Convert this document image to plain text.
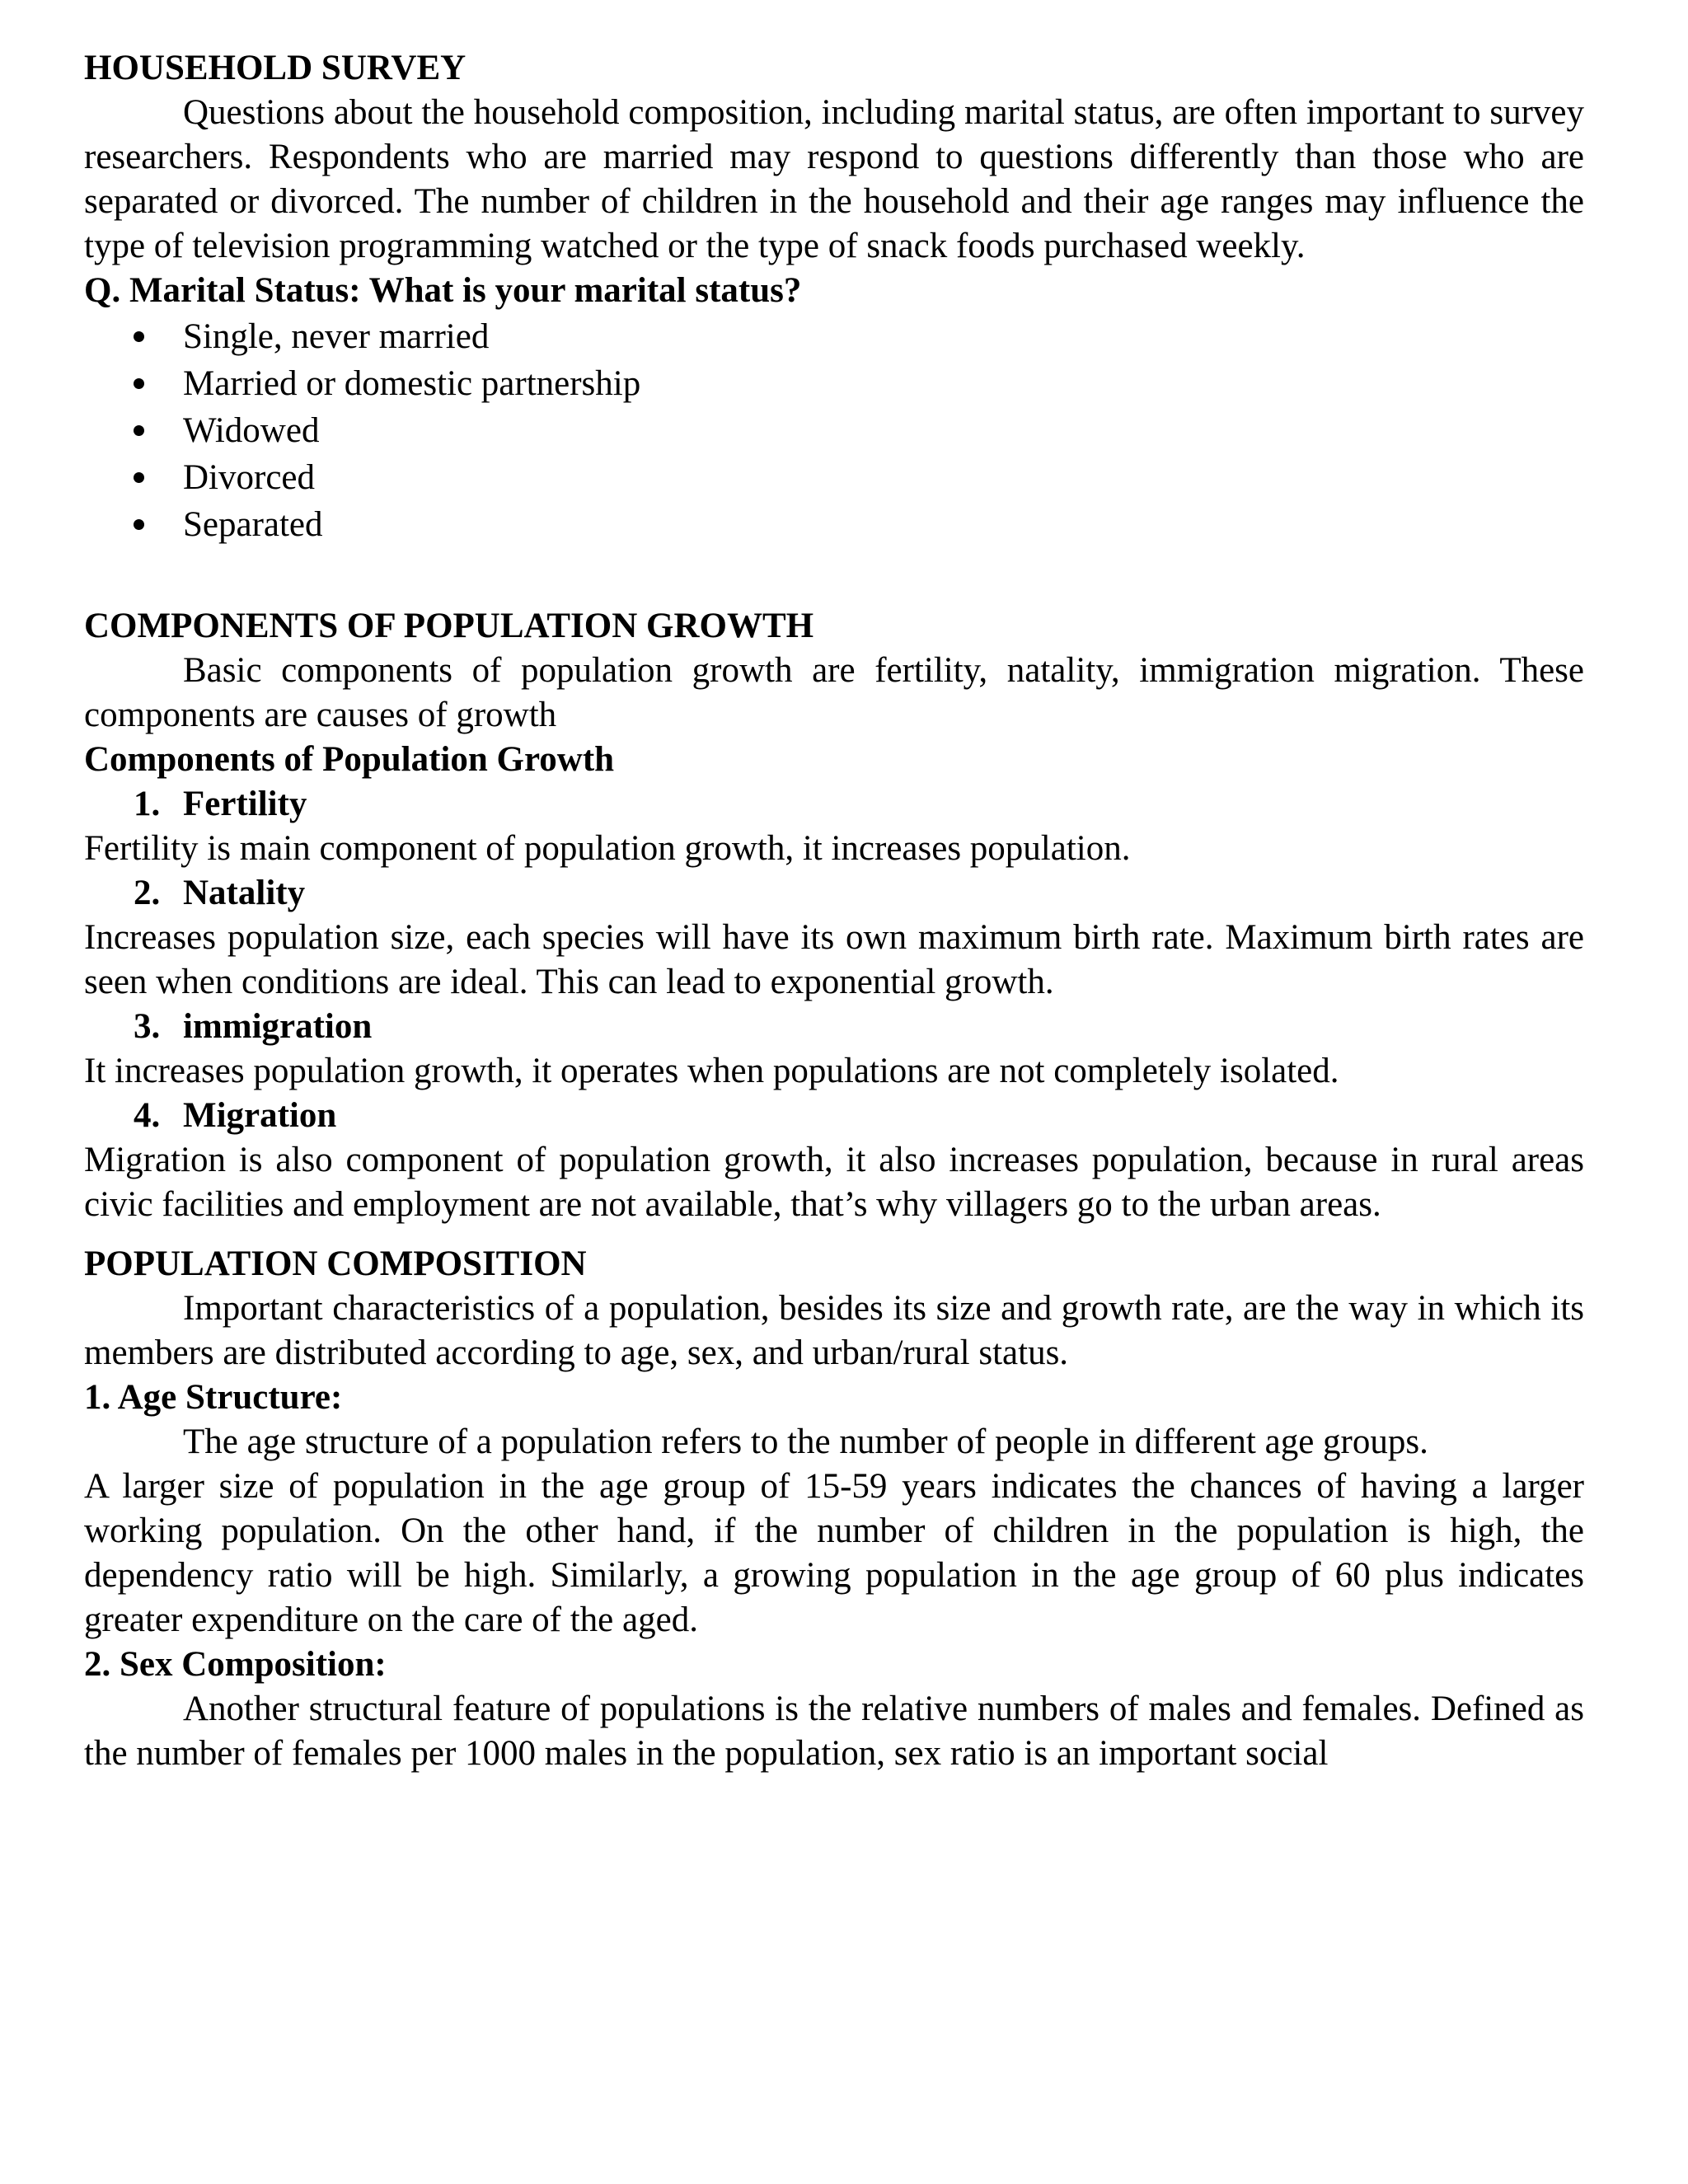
HOUSEHOLD SURVEY

Questions about the household composition, including marital status, are often important to survey researchers. Respondents who are married may respond to questions differently than those who are separated or divorced. The number of children in the household and their age ranges may influence the type of television programming watched or the type of snack foods purchased weekly.

Q. Marital Status: What is your marital status?

Single, never married
Married or domestic partnership
Widowed
Divorced
Separated
COMPONENTS OF POPULATION GROWTH

Basic components of population growth are fertility, natality, immigration migration. These components are causes of growth

Components of Population Growth

1. Fertility

Fertility is main component of population growth, it increases population.

2. Natality

Increases population size, each species will have its own maximum birth rate. Maximum birth rates are seen when conditions are ideal. This can lead to exponential growth.

3. immigration

It increases population growth, it operates when populations are not completely isolated.

4. Migration

Migration is also component of population growth, it also increases population, because in rural areas civic facilities and employment are not available, that’s why villagers go to the urban areas.

POPULATION COMPOSITION

Important characteristics of a population, besides its size and growth rate, are the way in which its members are distributed according to age, sex, and urban/rural status.

1. Age Structure:

The age structure of a population refers to the number of people in different age groups.

A larger size of population in the age group of 15-59 years indicates the chances of having a larger working population. On the other hand, if the number of children in the population is high, the dependency ratio will be high. Similarly, a growing population in the age group of 60 plus indicates greater expenditure on the care of the aged.

2. Sex Composition:

Another structural feature of populations is the relative numbers of males and females. Defined as the number of females per 1000 males in the population, sex ratio is an important social
